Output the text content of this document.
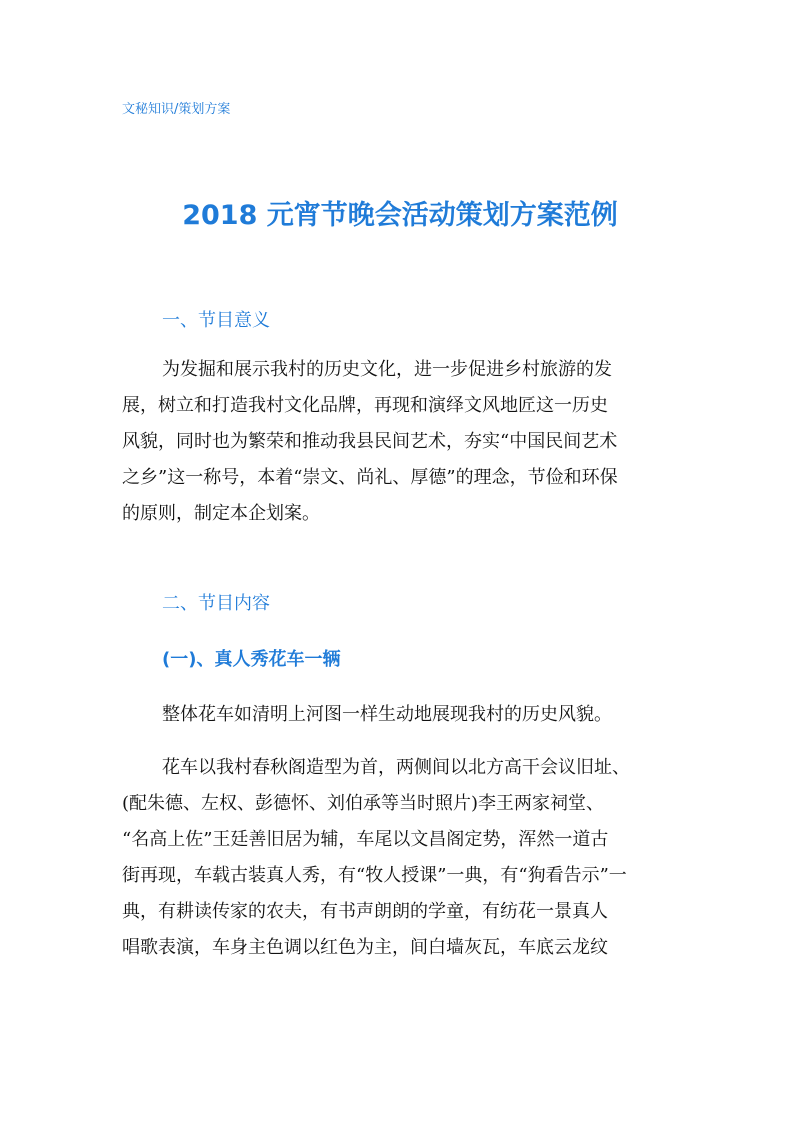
文秘知识/策划方案
2018 元宵节晚会活动策划方案范例
一、节目意义
为发掘和展示我村的历史文化，进一步促进乡村旅游的发
展，树立和打造我村文化品牌，再现和演绎文风地匠这一历史
风貌，同时也为繁荣和推动我县民间艺术，夯实“中国民间艺术
之乡”这一称号，本着“崇文、尚礼、厚德”的理念，节俭和环保
的原则，制定本企划案。
二、节目内容
(一)、真人秀花车一辆
整体花车如清明上河图一样生动地展现我村的历史风貌。
花车以我村春秋阁造型为首，两侧间以北方高干会议旧址、
(配朱德、左权、彭德怀、刘伯承等当时照片)李王两家祠堂、
“名高上佐”王廷善旧居为辅，车尾以文昌阁定势，浑然一道古
街再现，车载古装真人秀，有“牧人授课”一典，有“狗看告示”一
典，有耕读传家的农夫，有书声朗朗的学童，有纺花一景真人
唱歌表演，车身主色调以红色为主，间白墙灰瓦，车底云龙纹
